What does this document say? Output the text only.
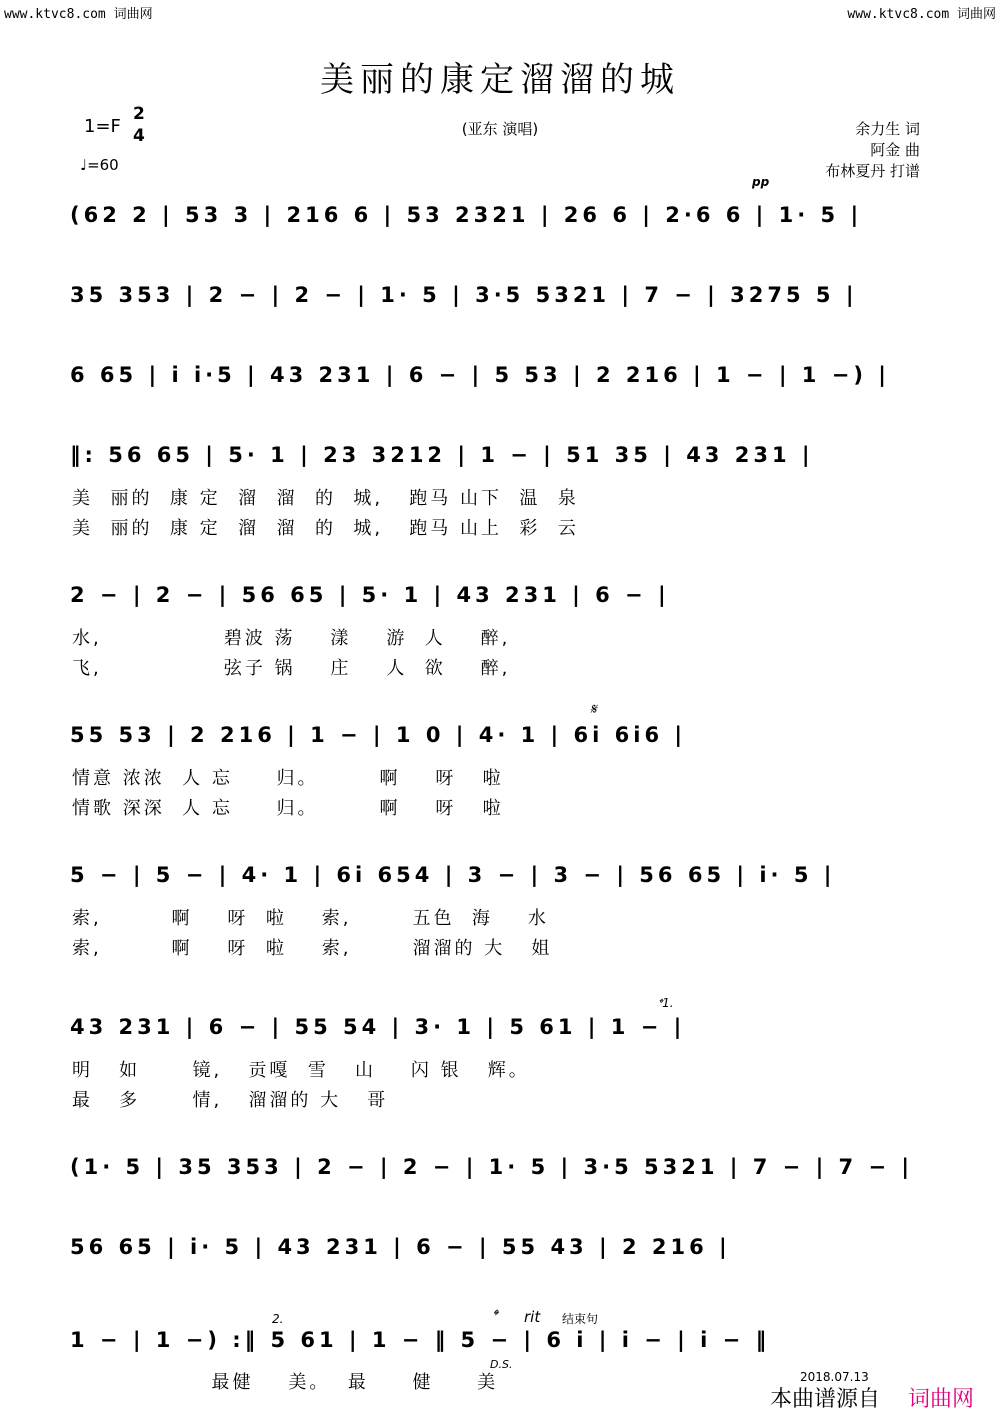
www.ktvc8.com 词曲网	www.ktvc8.com 词曲网
美丽的康定溜溜的城
(亚东 演唱)
1=F
2
4
♩=60
余力生 词
阿金 曲
布林夏丹 打谱
pp
(62 2 | 53 3 | 216 6 | 53 2321 | 26 6 | 2·6 6 | 1· 5 |
35 353 | 2 − | 2 − | 1· 5 | 3·5 5321 | 7 − | 3275 5 |
6 65 | i i·5 | 43 231 | 6 − | 5 53 | 2 216 | 1 − | 1 −) |
‖: 56 65 | 5· 1 | 23 3212 | 1 − | 51 35 | 43 231 |
美  丽的  康 定  溜  溜  的  城,   跑马 山下  温  泉
美  丽的  康 定  溜  溜  的  城,   跑马 山上  彩  云
2 − | 2 − | 56 65 | 5· 1 | 43 231 | 6 − |
水,              碧波 荡    漾    游  人    醉,
飞,              弦子 锅    庄    人  欲    醉,
𝄋
55 53 | 2 216 | 1 − | 1 0 | 4· 1 | 6i 6i6 |
情意 浓浓  人 忘     归。       啊    呀   啦
情歌 深深  人 忘     归。       啊    呀   啦
5 − | 5 − | 4· 1 | 6i 654 | 3 − | 3 − | 56 65 | i· 5 |
索,        啊    呀  啦    索,       五色  海    水
索,        啊    呀  啦    索,       溜溜的 大   姐
𝄌1.
43 231 | 6 − | 55 54 | 3· 1 | 5 61 | 1 − |
明   如      镜,   贡嘎  雪   山    闪 银   辉。
最   多      情,   溜溜的 大   哥
(1· 5 | 35 353 | 2 − | 2 − | 1· 5 | 3·5 5321 | 7 − | 7 − |
56 65 | i· 5 | 43 231 | 6 − | 55 43 | 2 216 |
2.	𝄌 rit 结束句
1 − | 1 −) :‖ 5 61 | 1 − ‖ 5 − | 6 i | i − | i − ‖
D.S.
最健    美。  最     健     美	2018.07.13
本曲谱源自 词曲网
